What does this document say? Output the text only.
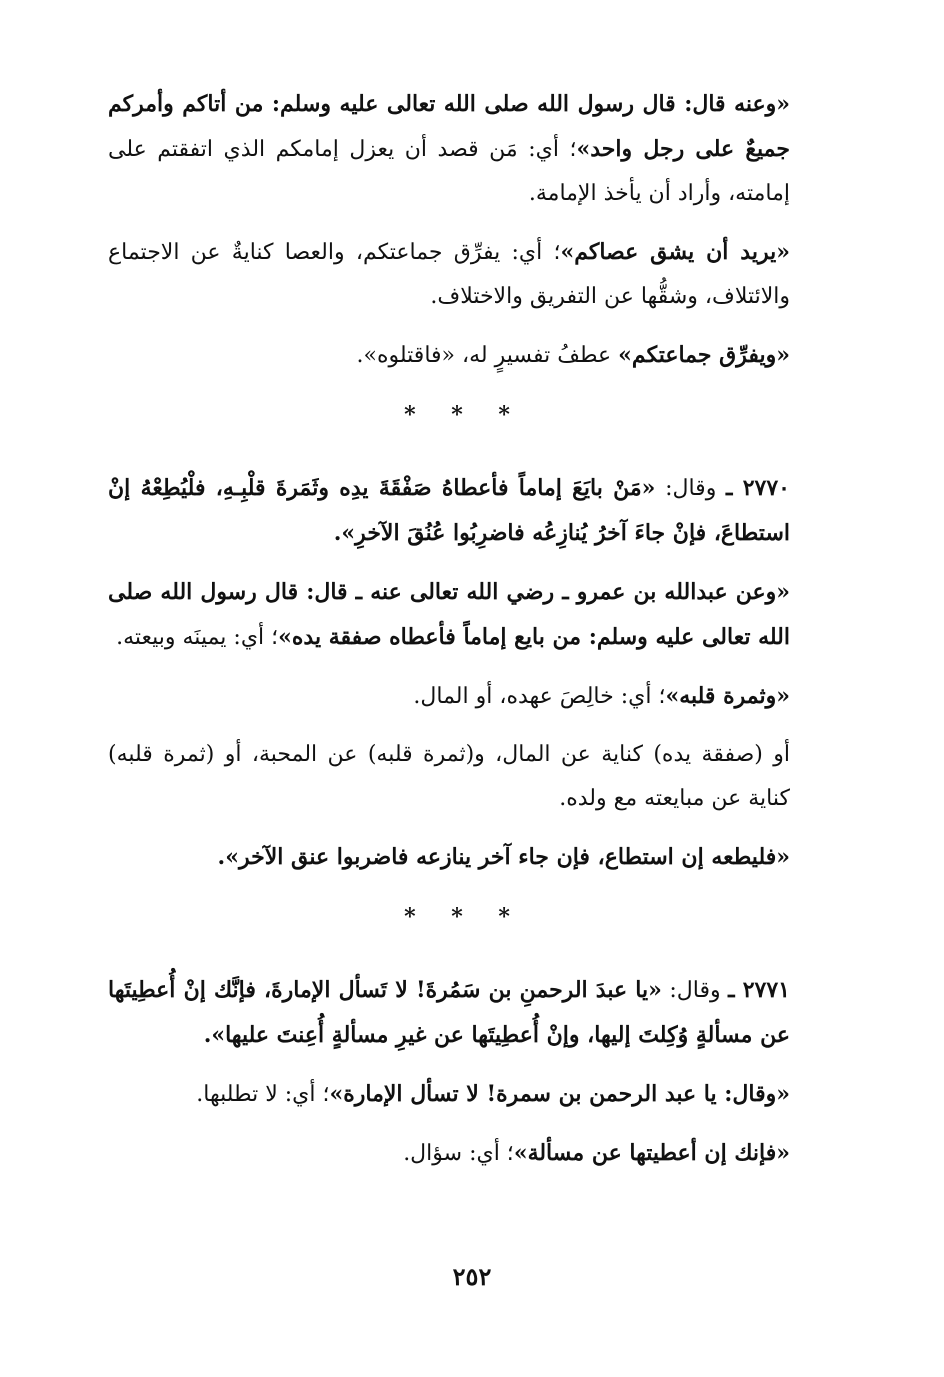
«وعنه قال: قال رسول الله صلى الله تعالى عليه وسلم: من أتاكم وأمركم جميعٌ على رجل واحد»؛ أي: مَن قصد أن يعزل إمامكم الذي اتفقتم على إمامته، وأراد أن يأخذ الإمامة.

«يريد أن يشق عصاكم»؛ أي: يفرِّق جماعتكم، والعصا كنايةٌ عن الاجتماع والائتلاف، وشقُّها عن التفريق والاختلاف.

«ويفرِّق جماعتكم» عطفُ تفسيرٍ له، «فاقتلوه».

* * *

٢٧٧٠ ـ وقال: «مَنْ بايَعَ إماماً فأعطاهُ صَفْقَةَ يدِه وثَمَرةَ قلْبِـهِ، فلْيُطِعْهُ إنْ استطاعَ، فإنْ جاءَ آخرُ يُنازِعُه فاضرِبُوا عُنُقَ الآخرِ».

«وعن عبدالله بن عمرو ـ رضي الله تعالى عنه ـ قال: قال رسول الله صلى الله تعالى عليه وسلم: من بايع إماماً فأعطاه صفقة يده»؛ أي: يمينَه وبيعته.

«وثمرة قلبه»؛ أي: خالِصَ عهده، أو المال.

أو (صفقة يده) كناية عن المال، و(ثمرة قلبه) عن المحبة، أو (ثمرة قلبه) كناية عن مبايعته مع ولده.

«فليطعه إن استطاع، فإن جاء آخر ينازعه فاضربوا عنق الآخر».

* * *

٢٧٧١ ـ وقال: «يا عبدَ الرحمنِ بن سَمُرةَ! لا تَسأل الإمارةَ، فإنَّك إنْ أُعطِيتَها عن مسألةٍ وُكِلتَ إليها، وإنْ أُعطِيتَها عن غيرِ مسألةٍ أُعِنتَ عليها».

«وقال: يا عبد الرحمن بن سمرة! لا تسأل الإمارة»؛ أي: لا تطلبها.

«فإنك إن أعطيتها عن مسألة»؛ أي: سؤال.

٢٥٢
